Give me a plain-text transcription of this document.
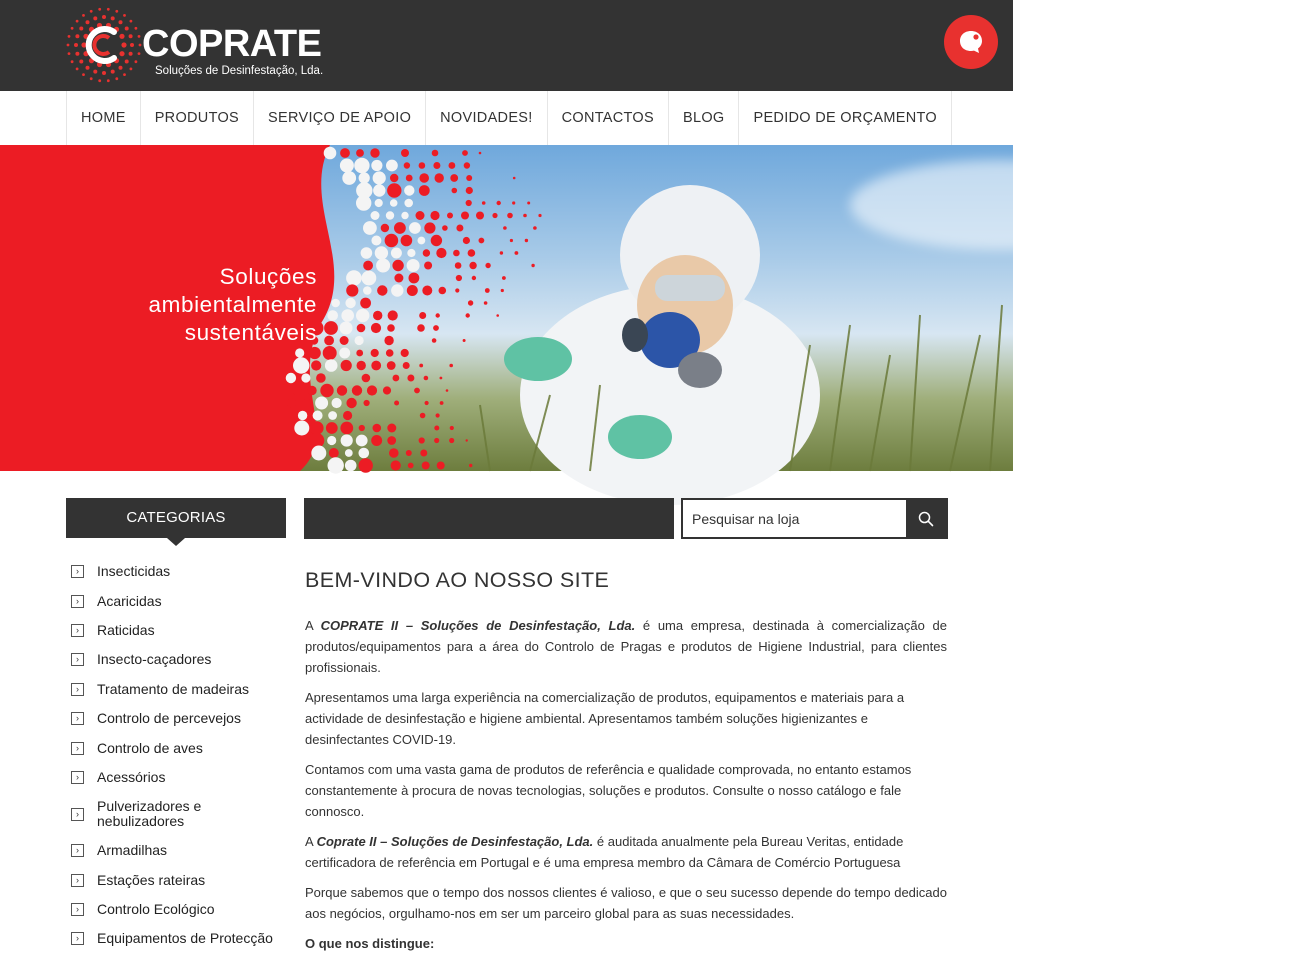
COPRATE
Soluções de Desinfestação, Lda.
HOME	PRODUTOS	SERVIÇO DE APOIO	NOVIDADES!	CONTACTOS	BLOG	PEDIDO DE ORÇAMENTO
Soluções
ambientalmente
sustentáveis
CATEGORIAS
›	Insecticidas
›	Acaricidas
›	Raticidas
›	Insecto-caçadores
›	Tratamento de madeiras
›	Controlo de percevejos
›	Controlo de aves
›	Acessórios
›	Pulverizadores e nebulizadores
›	Armadilhas
›	Estações rateiras
›	Controlo Ecológico
›	Equipamentos de Protecção
Pesquisar na loja
BEM-VINDO AO NOSSO SITE

A COPRATE II – Soluções de Desinfestação, Lda. é uma empresa, destinada à comercialização de produtos/equipamentos para a área do Controlo de Pragas e produtos de Higiene Industrial, para clientes profissionais.

Apresentamos uma larga experiência na comercialização de produtos, equipamentos e materiais para a actividade de desinfestação e higiene ambiental. Apresentamos também soluções higienizantes e desinfectantes COVID-19.

Contamos com uma vasta gama de produtos de referência e qualidade comprovada, no entanto estamos constantemente à procura de novas tecnologias, soluções e produtos. Consulte o nosso catálogo e fale connosco.

A Coprate II – Soluções de Desinfestação, Lda. é auditada anualmente pela Bureau Veritas, entidade certificadora de referência em Portugal e é uma empresa membro da Câmara de Comércio Portuguesa

Porque sabemos que o tempo dos nossos clientes é valioso, e que o seu sucesso depende do tempo dedicado aos negócios, orgulhamo-nos em ser um parceiro global para as suas necessidades.

O que nos distingue:
